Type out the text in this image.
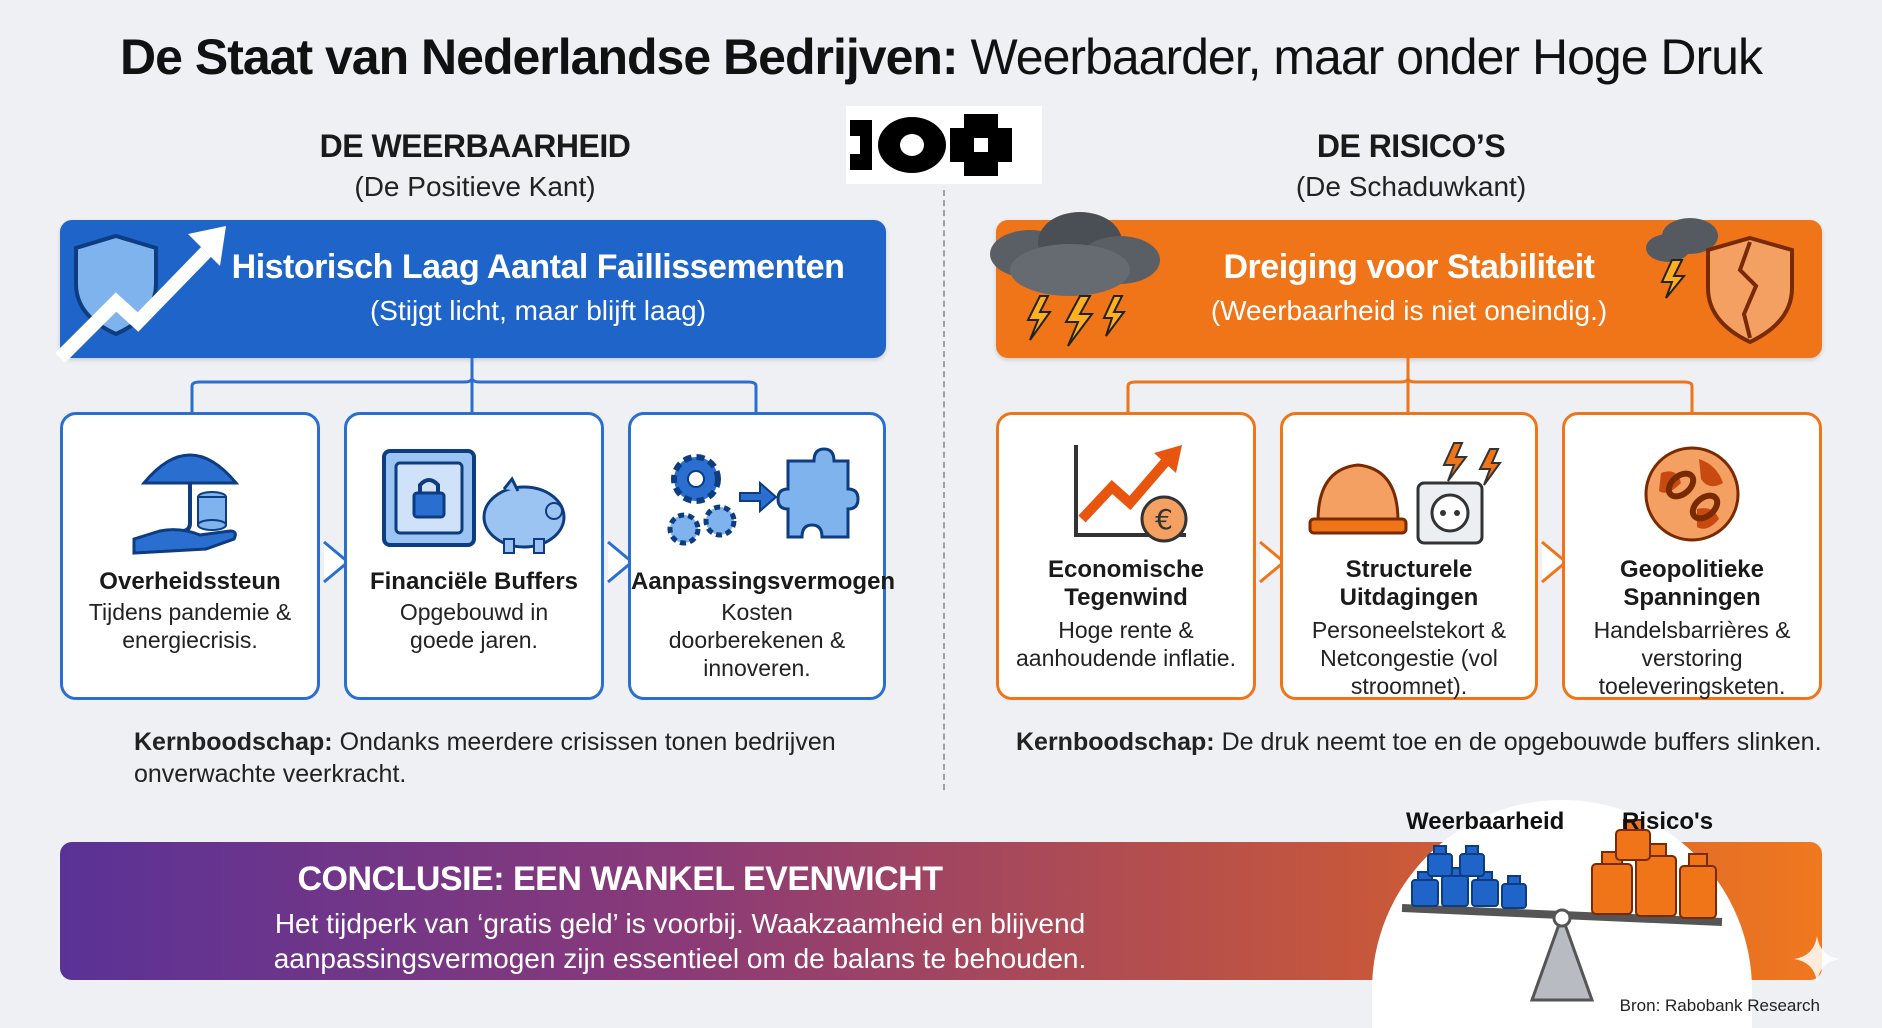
De Staat van Nederlandse Bedrijven: Weerbaarder, maar onder Hoge Druk
DE WEERBAARHEID
(De Positieve Kant)
DE RISICO’S
(De Schaduwkant)
Historisch Laag Aantal Faillissementen
(Stijgt licht, maar blijft laag)
Dreiging voor Stabiliteit
(Weerbaarheid is niet oneindig.)
Overheidssteun
Tijdens pandemie & energiecrisis.
Financiële Buffers
Opgebouwd in goede jaren.
Aanpassingsvermogen
Kosten doorberekenen & innoveren.
€
Economische Tegenwind
Hoge rente & aanhoudende inflatie.
Structurele Uitdagingen
Personeelstekort & Netcongestie (vol stroomnet).
Geopolitieke Spanningen
Handelsbarrières & verstoring toeleveringsketen.
Kernboodschap: Ondanks meerdere crisissen tonen bedrijven onverwachte veerkracht.
Kernboodschap: De druk neemt toe en de opgebouwde buffers slinken.
CONCLUSIE: EEN WANKEL EVENWICHT
Het tijdperk van ‘gratis geld’ is voorbij. Waakzaamheid en blijvend aanpassingsvermogen zijn essentieel om de balans te behouden.
Weerbaarheid Risico's
Bron: Rabobank Research
